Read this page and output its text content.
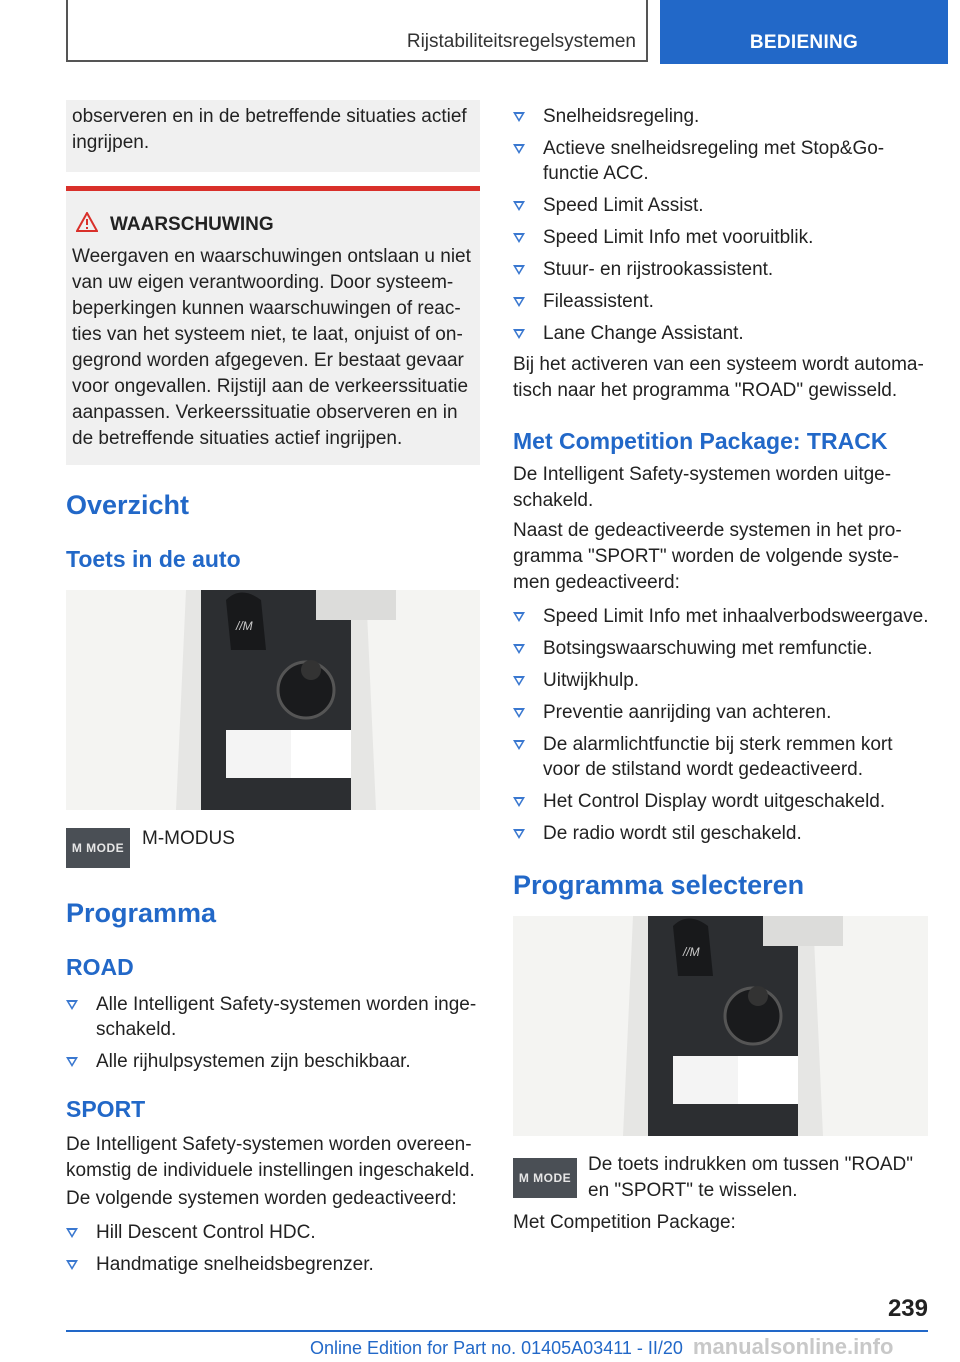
Rijstabiliteitsregelsystemen	BEDIENING
observeren en in de betreffende situaties actief ingrijpen.
WAARSCHUWING
Weergaven en waarschuwingen ontslaan u niet van uw eigen verantwoording. Door systeembeperkingen kunnen waarschuwingen of reacties van het systeem niet, te laat, onjuist of ongegrond worden afgegeven. Er bestaat gevaar voor ongevallen. Rijstijl aan de verkeerssituatie aanpassen. Verkeerssituatie observeren en in de betreffende situaties actief ingrijpen.
Overzicht
Toets in de auto
//M
M MODE M-MODUS
Programma
ROAD
Alle Intelligent Safety-systemen worden ingeschakeld.
Alle rijhulpsystemen zijn beschikbaar.
SPORT

De Intelligent Safety-systemen worden overeenkomstig de individuele instellingen ingeschakeld.

De volgende systemen worden gedeactiveerd:

Hill Descent Control HDC.
Handmatige snelheidsbegrenzer.
Snelheidsregeling.
Actieve snelheidsregeling met Stop&Go-functie ACC.
Speed Limit Assist.
Speed Limit Info met vooruitblik.
Stuur- en rijstrookassistent.
Fileassistent.
Lane Change Assistant.

Bij het activeren van een systeem wordt automatisch naar het programma "ROAD" gewisseld.

Met Competition Package: TRACK

De Intelligent Safety-systemen worden uitgeschakeld.

Naast de gedeactiveerde systemen in het programma "SPORT" worden de volgende systemen gedeactiveerd:

Speed Limit Info met inhaalverbodsweergave.
Botsingswaarschuwing met remfunctie.
Uitwijkhulp.
Preventie aanrijding van achteren.
De alarmlichtfunctie bij sterk remmen kort voor de stilstand wordt gedeactiveerd.
Het Control Display wordt uitgeschakeld.
De radio wordt stil geschakeld.
Programma selecteren
//M
M MODE
De toets indrukken om tussen "ROAD" en "SPORT" te wisselen.

Met Competition Package:

239
Online Edition for Part no. 01405A03411 - II/20 manualsonline.info
